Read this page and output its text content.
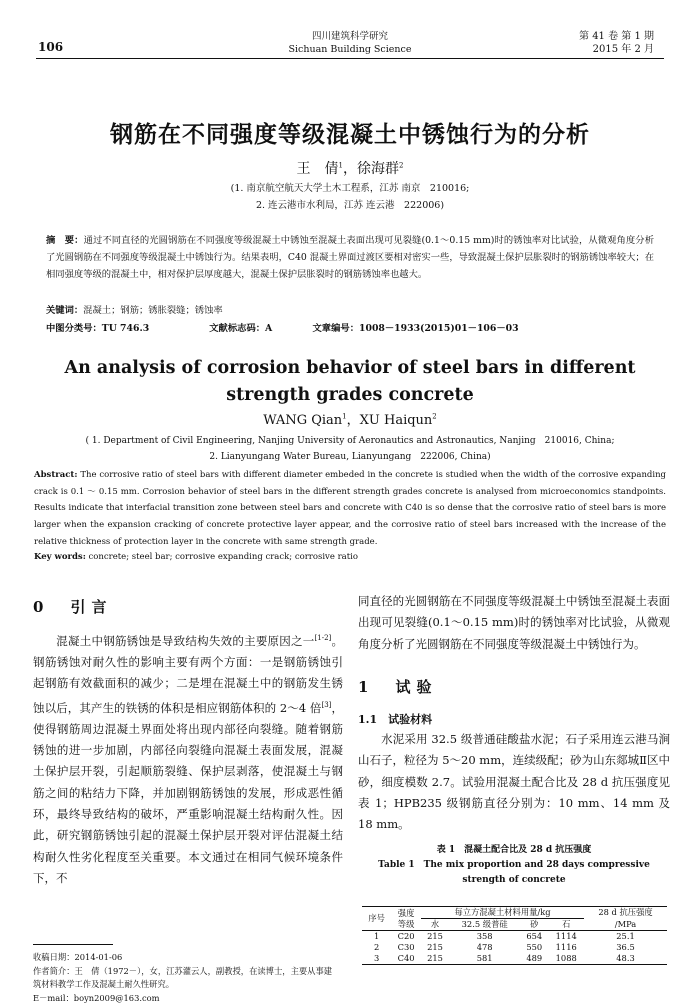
106
四川建筑科学研究
Sichuan Building Science
第 41 卷 第 1 期
2015 年 2 月
钢筋在不同强度等级混凝土中锈蚀行为的分析
王　倩$^1$，徐海群$^2$
(1. 南京航空航天大学土木工程系，江苏 南京　210016;
2. 连云港市水利局，江苏 连云港　222006)
摘　要：通过不同直径的光圆钢筋在不同强度等级混凝土中锈蚀至混凝土表面出现可见裂缝(0.1～0.15 mm)时的锈蚀率对比试验，从微观角度分析了光圆钢筋在不同强度等级混凝土中锈蚀行为。结果表明，C40 混凝土界面过渡区要相对密实一些，导致混凝土保护层胀裂时的钢筋锈蚀率较大；在相同强度等级的混凝土中，相对保护层厚度越大，混凝土保护层胀裂时的钢筋锈蚀率也越大。
关键词：混凝土；钢筋；锈胀裂缝；锈蚀率
中图分类号：TU 746.3	文献标志码：A	文章编号：1008－1933(2015)01－106－03
An analysis of corrosion behavior of steel bars in different
strength grades concrete
WANG Qian$^1$，XU Haiqun$^2$
( 1. Department of Civil Engineering, Nanjing University of Aeronautics and Astronautics, Nanjing　210016, China;
2. Lianyungang Water Bureau, Lianyungang　222006, China)
Abstract: The corrosive ratio of steel bars with different diameter embeded in the concrete is studied when the width of the corrosive expanding crack is 0.1 ～ 0.15 mm. Corrosion behavior of steel bars in the different strength grades concrete is analysed from microeconomics standpoints. Results indicate that interfacial transition zone between steel bars and concrete with C40 is so dense that the corrosive ratio of steel bars is more larger when the expansion cracking of concrete protective layer appear, and the corrosive ratio of steel bars increased with the increase of the relative thickness of protection layer in the concrete with same strength grade.
Key words: concrete; steel bar; corrosive expanding crack; corrosive ratio
0　 引言
混凝土中钢筋锈蚀是导致结构失效的主要原因之一[1-2]。钢筋锈蚀对耐久性的影响主要有两个方面：一是钢筋锈蚀引起钢筋有效截面积的减少；二是埋在混凝土中的钢筋发生锈蚀以后，其产生的铁锈的体积是相应钢筋体积的 2～4 倍[3]，使得钢筋周边混凝土界面处将出现内部径向裂缝。随着钢筋锈蚀的进一步加剧，内部径向裂缝向混凝土表面发展，混凝土保护层开裂，引起顺筋裂缝、保护层剥落，使混凝土与钢筋之间的粘结力下降，并加剧钢筋锈蚀的发展，形成恶性循环，最终导致结构的破坏，严重影响混凝土结构耐久性。因此，研究钢筋锈蚀引起的混凝土保护层开裂对评估混凝土结构耐久性劣化程度至关重要。本文通过在相同气候环境条件下，不
收稿日期：2014-01-06
作者简介：王　倩（1972－），女，江苏灌云人，副教授，在读博士，主要从事建筑材料教学工作及混凝土耐久性研究。
E－mail：boyn2009@163.com
同直径的光圆钢筋在不同强度等级混凝土中锈蚀至混凝土表面出现可见裂缝(0.1～0.15 mm)时的锈蚀率对比试验，从微观角度分析了光圆钢筋在不同强度等级混凝土中锈蚀行为。
1　 试验
1.1　 试验材料
水泥采用 32.5 级普通硅酸盐水泥；石子采用连云港马涧山石子，粒径为 5～20 mm，连续级配；砂为山东郯城Ⅱ区中砂，细度模数 2.7。试验用混凝土配合比及 28 d 抗压强度见表 1；HPB235 级钢筋直径分别为：10 mm、14 mm 及 18 mm。
表 1　混凝土配合比及 28 d 抗压强度
Table 1　The mix proportion and 28 days compressive
strength of concrete
序号	强度
等级	每立方混凝土材料用量/kg				28 d 抗压强度
		水	32.5 级普硅	砂	石	/MPa
1	C20	215	358	654	1114	25.1
2	C30	215	478	550	1116	36.5
3	C40	215	581	489	1088	48.3
